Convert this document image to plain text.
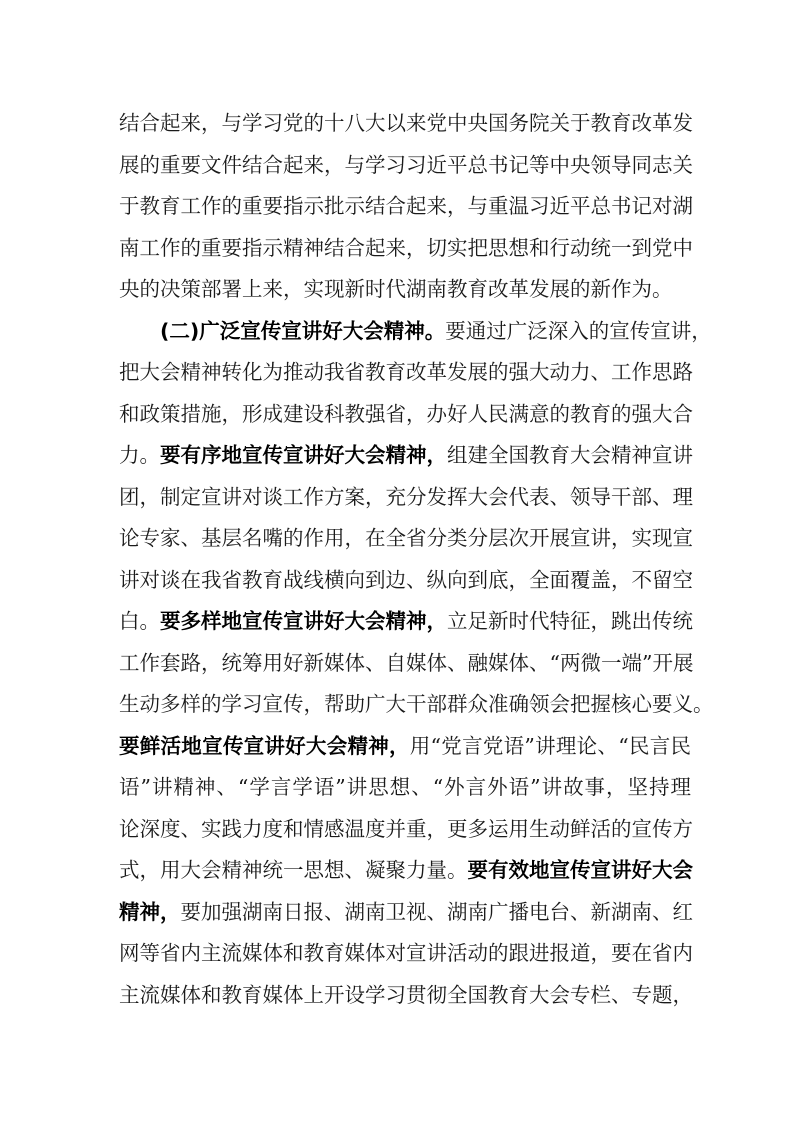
结合起来，与学习党的十八大以来党中央国务院关于教育改革发
展的重要文件结合起来，与学习习近平总书记等中央领导同志关
于教育工作的重要指示批示结合起来，与重温习近平总书记对湖
南工作的重要指示精神结合起来，切实把思想和行动统一到党中
央的决策部署上来，实现新时代湖南教育改革发展的新作为。
(二)广泛宣传宣讲好大会精神。要通过广泛深入的宣传宣讲，
把大会精神转化为推动我省教育改革发展的强大动力、工作思路
和政策措施，形成建设科教强省，办好人民满意的教育的强大合
力。要有序地宣传宣讲好大会精神，组建全国教育大会精神宣讲
团，制定宣讲对谈工作方案，充分发挥大会代表、领导干部、理
论专家、基层名嘴的作用，在全省分类分层次开展宣讲，实现宣
讲对谈在我省教育战线横向到边、纵向到底，全面覆盖，不留空
白。要多样地宣传宣讲好大会精神，立足新时代特征，跳出传统
工作套路，统筹用好新媒体、自媒体、融媒体、“两微一端”开展
生动多样的学习宣传，帮助广大干部群众准确领会把握核心要义。
要鲜活地宣传宣讲好大会精神，用“党言党语”讲理论、“民言民
语”讲精神、“学言学语”讲思想、“外言外语”讲故事，坚持理
论深度、实践力度和情感温度并重，更多运用生动鲜活的宣传方
式，用大会精神统一思想、凝聚力量。要有效地宣传宣讲好大会
精神，要加强湖南日报、湖南卫视、湖南广播电台、新湖南、红
网等省内主流媒体和教育媒体对宣讲活动的跟进报道，要在省内
主流媒体和教育媒体上开设学习贯彻全国教育大会专栏、专题，
